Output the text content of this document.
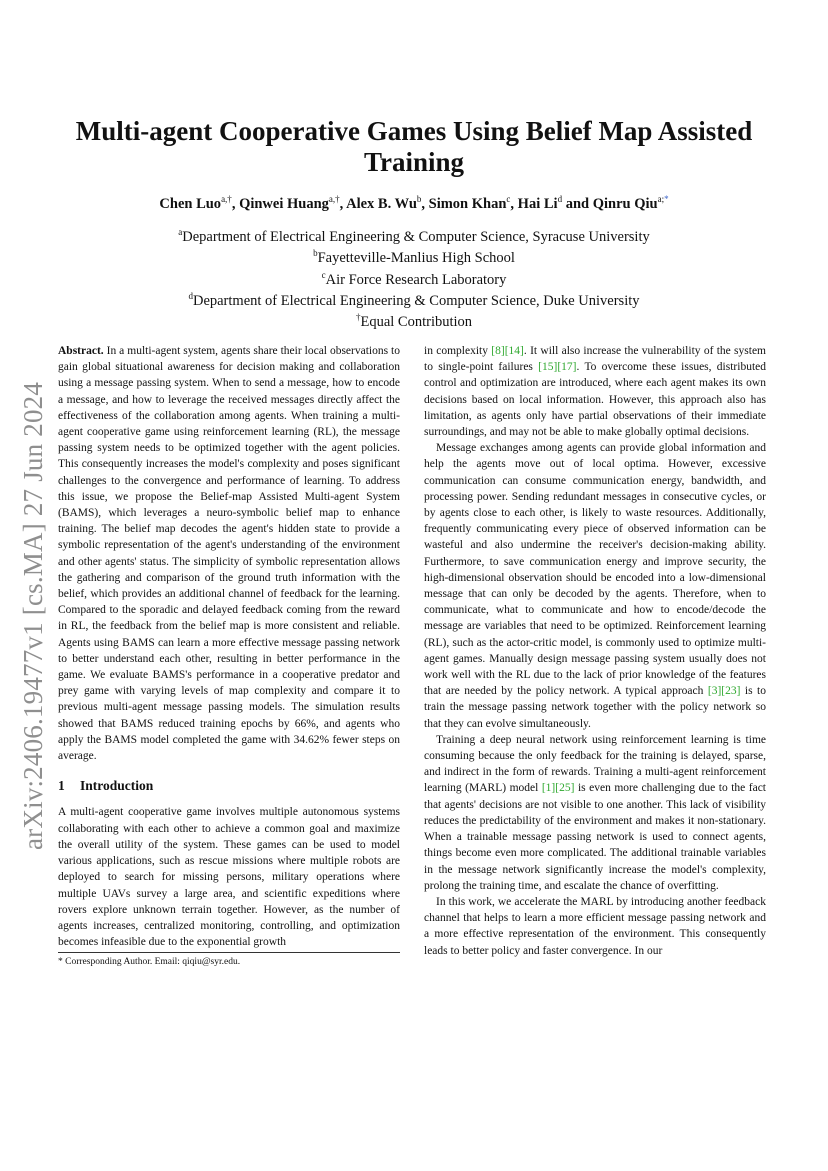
arXiv:2406.19477v1 [cs.MA] 27 Jun 2024
Multi-agent Cooperative Games Using Belief Map Assisted
Training
Chen Luo$^{a,\dagger}$, Qinwei Huang$^{a,\dagger}$, Alex B. Wu$^b$, Simon Khan$^c$, Hai Li$^d$ and Qinru Qiu$^{a;*}$
$^a$Department of Electrical Engineering & Computer Science, Syracuse University
$^b$Fayetteville-Manlius High School
$^c$Air Force Research Laboratory
$^d$Department of Electrical Engineering & Computer Science, Duke University
†Equal Contribution

Abstract. In a multi-agent system, agents share their local observations to gain global situational awareness for decision making and collaboration using a message passing system. When to send a message, how to encode a message, and how to leverage the received messages directly affect the effectiveness of the collaboration among agents. When training a multi-agent cooperative game using reinforcement learning (RL), the message passing system needs to be optimized together with the agent policies. This consequently increases the model's complexity and poses significant challenges to the convergence and performance of learning. To address this issue, we propose the Belief-map Assisted Multi-agent System (BAMS), which leverages a neuro-symbolic belief map to enhance training. The belief map decodes the agent's hidden state to provide a symbolic representation of the agent's understanding of the environment and other agents' status. The simplicity of symbolic representation allows the gathering and comparison of the ground truth information with the belief, which provides an additional channel of feedback for the learning. Compared to the sporadic and delayed feedback coming from the reward in RL, the feedback from the belief map is more consistent and reliable. Agents using BAMS can learn a more effective message passing network to better understand each other, resulting in better performance in the game. We evaluate BAMS's performance in a cooperative predator and prey game with varying levels of map complexity and compare it to previous multi-agent message passing models. The simulation results showed that BAMS reduced training epochs by 66%, and agents who apply the BAMS model completed the game with 34.62% fewer steps on average.

1 Introduction

A multi-agent cooperative game involves multiple autonomous systems collaborating with each other to achieve a common goal and maximize the overall utility of the system. These games can be used to model various applications, such as rescue missions where multiple robots are deployed to search for missing persons, military operations where multiple UAVs survey a large area, and scientific expeditions where rovers explore unknown terrain together. However, as the number of agents increases, centralized monitoring, controlling, and optimization becomes infeasible due to the exponential growth

in complexity [8][14]. It will also increase the vulnerability of the system to single-point failures [15][17]. To overcome these issues, distributed control and optimization are introduced, where each agent makes its own decisions based on local information. However, this approach also has limitation, as agents only have partial observations of their immediate surroundings, and may not be able to make globally optimal decisions.

Message exchanges among agents can provide global information and help the agents move out of local optima. However, excessive communication can consume communication energy, bandwidth, and processing power. Sending redundant messages in consecutive cycles, or by agents close to each other, is likely to waste resources. Additionally, frequently communicating every piece of observed information can be wasteful and also undermine the receiver's decision-making ability. Furthermore, to save communication energy and improve security, the high-dimensional observation should be encoded into a low-dimensional message that can only be decoded by the agents. Therefore, when to communicate, what to communicate and how to encode/decode the message are variables that need to be optimized. Reinforcement learning (RL), such as the actor-critic model, is commonly used to optimize multi-agent games. Manually design message passing system usually does not work well with the RL due to the lack of prior knowledge of the features that are needed by the policy network. A typical approach [3][23] is to train the message passing network together with the policy network so that they can evolve simultaneously.

Training a deep neural network using reinforcement learning is time consuming because the only feedback for the training is delayed, sparse, and indirect in the form of rewards. Training a multi-agent reinforcement learning (MARL) model [1][25] is even more challenging due to the fact that agents' decisions are not visible to one another. This lack of visibility reduces the predictability of the environment and makes it non-stationary. When a trainable message passing network is used to connect agents, things become even more complicated. The additional trainable variables in the message network significantly increase the model's complexity, prolong the training time, and escalate the chance of overfitting.

In this work, we accelerate the MARL by introducing another feedback channel that helps to learn a more efficient message passing network and a more effective representation of the environment. This consequently leads to better policy and faster convergence. In our

* Corresponding Author. Email: qiqiu@syr.edu.
